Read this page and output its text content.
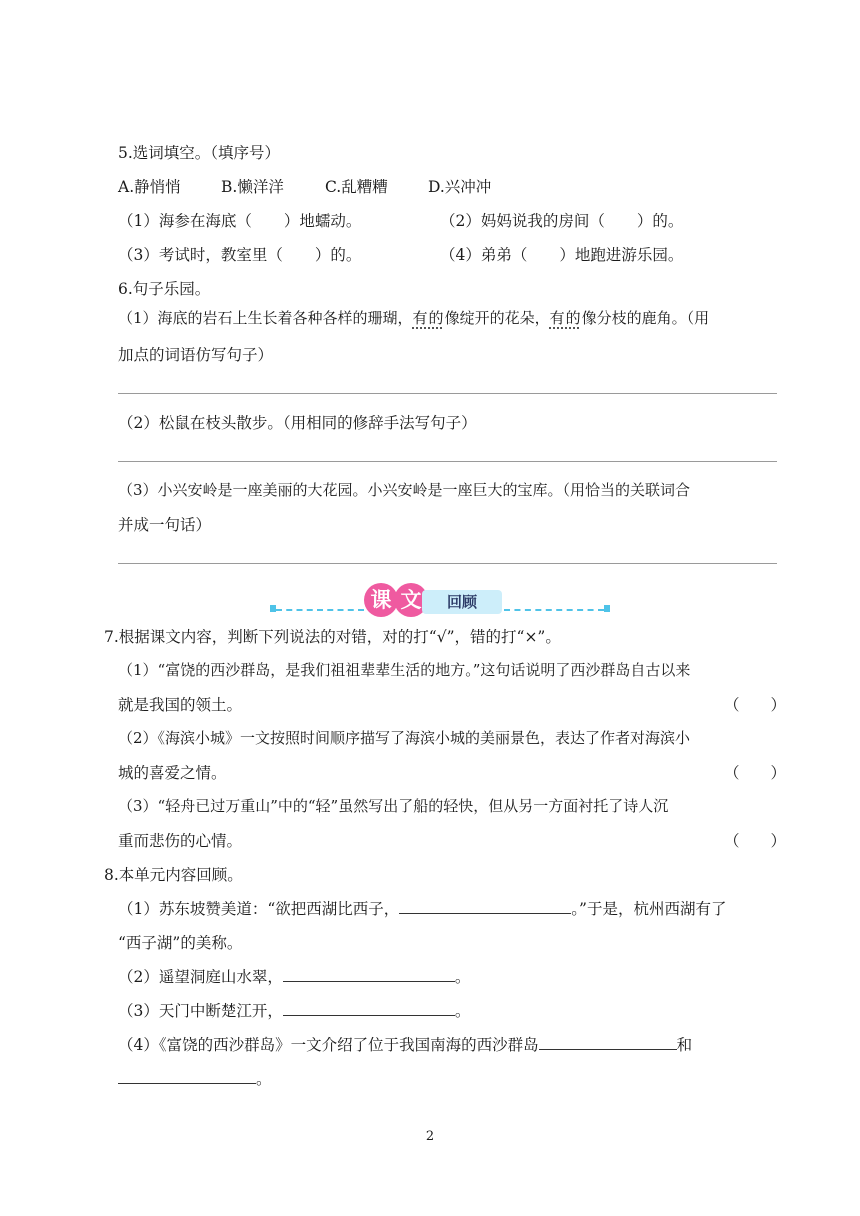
5.选词填空。（填序号）
A.静悄悄	B.懒洋洋	C.乱糟糟	D.兴冲冲
（1）海参在海底（ ）地蠕动。	（2）妈妈说我的房间（ ）的。
（3）考试时，教室里（ ）的。	（4）弟弟（ ）地跑进游乐园。
6.句子乐园。
（1）海底的岩石上生长着各种各样的珊瑚，有的像绽开的花朵，有的像分枝的鹿角。（用
加点的词语仿写句子）
（2）松鼠在枝头散步。（用相同的修辞手法写句子）
（3）小兴安岭是一座美丽的大花园。小兴安岭是一座巨大的宝库。（用恰当的关联词合
并成一句话）
课 文	回顾
7.根据课文内容，判断下列说法的对错，对的打“√”，错的打“×”。
（1）“富饶的西沙群岛，是我们祖祖辈辈生活的地方。”这句话说明了西沙群岛自古以来
就是我国的领土。	（　　）
（2）《海滨小城》一文按照时间顺序描写了海滨小城的美丽景色，表达了作者对海滨小
城的喜爱之情。	（　　）
（3）“轻舟已过万重山”中的“轻”虽然写出了船的轻快，但从另一方面衬托了诗人沉
重而悲伤的心情。	（　　）
8.本单元内容回顾。
（1）苏东坡赞美道：“欲把西湖比西子，	。”于是，杭州西湖有了
“西子湖”的美称。
（2）遥望洞庭山水翠，	。
（3）天门中断楚江开，	。
（4）《富饶的西沙群岛》一文介绍了位于我国南海的西沙群岛	和
。
2
